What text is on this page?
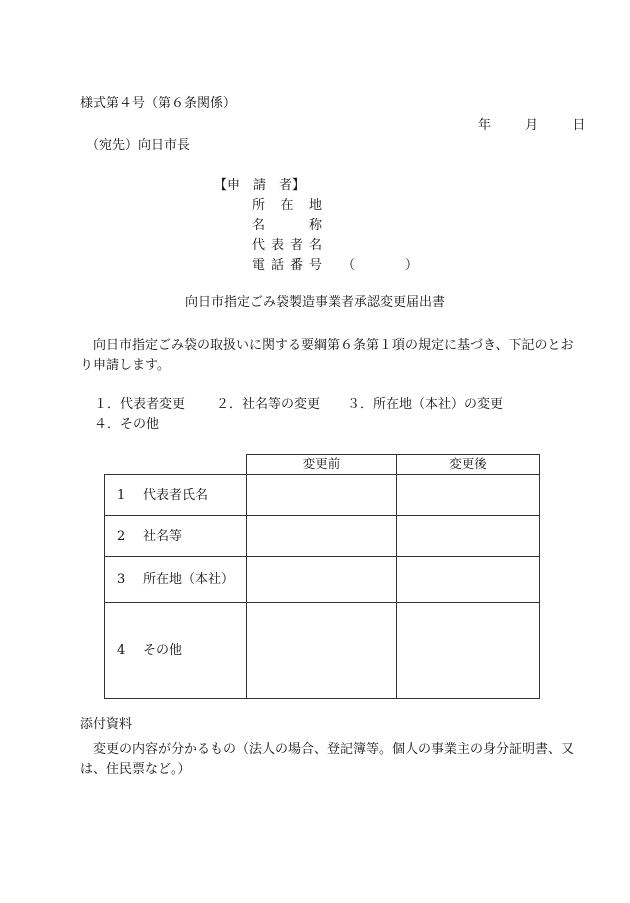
様式第４号（第６条関係）
年	月	日
（宛先）向日市長
【申　請　者】
所 在 地
名	称
代 表 者 名
電 話 番 号 （	）
向日市指定ごみ袋製造事業者承認変更届出書
向日市指定ごみ袋の取扱いに関する要綱第６条第１項の規定に基づき、下記のとおり申請します。
１．代表者変更 ２．社名等の変更 ３．所在地（本社）の変更
４．その他
	変更前	変更後
1 代表者氏名		
2 社名等		
3 所在地（本社）		
4 その他		
添付資料
変更の内容が分かるもの（法人の場合、登記簿等。個人の事業主の身分証明書、又は、住民票など。）
